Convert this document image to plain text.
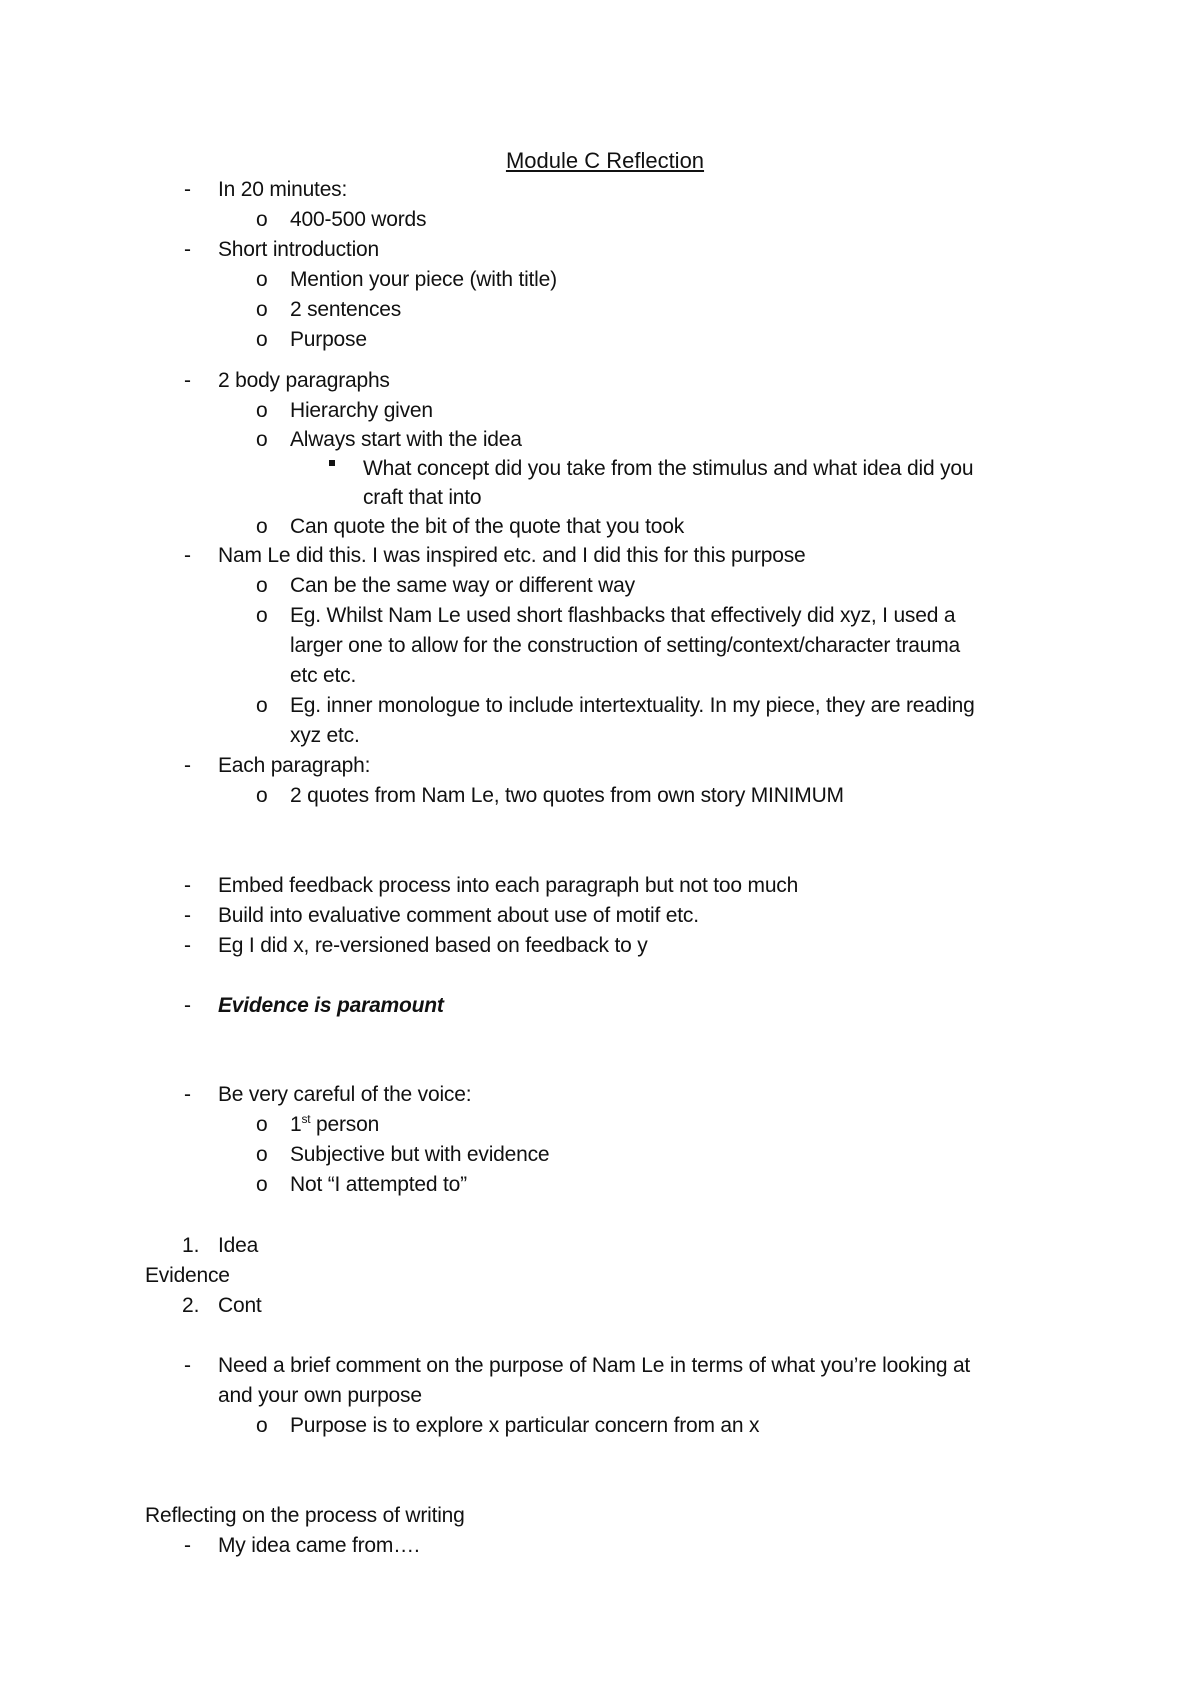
Module C Reflection
-
-
-
-
-
-
-
-
-
-
-
-
o
o
o
o
o
o
o
o
o
o
o
o
o
o
o
In 20 minutes:
400-500 words
Short introduction
Mention your piece (with title)
2 sentences
Purpose
2 body paragraphs
Hierarchy given
Always start with the idea
What concept did you take from the stimulus and what idea did you
craft that into
Can quote the bit of the quote that you took
Nam Le did this. I was inspired etc. and I did this for this purpose
Can be the same way or different way
Eg. Whilst Nam Le used short flashbacks that effectively did xyz, I used a
larger one to allow for the construction of setting/context/character trauma
etc etc.
Eg. inner monologue to include intertextuality. In my piece, they are reading
xyz etc.
Each paragraph:
2 quotes from Nam Le, two quotes from own story MINIMUM
Embed feedback process into each paragraph but not too much
Build into evaluative comment about use of motif etc.
Eg I did x, re-versioned based on feedback to y
Evidence is paramount
Be very careful of the voice:
1st person
Subjective but with evidence
Not “I attempted to”
1. Idea
Evidence
2. Cont
Need a brief comment on the purpose of Nam Le in terms of what you’re looking at
and your own purpose
Purpose is to explore x particular concern from an x
Reflecting on the process of writing
My idea came from….
